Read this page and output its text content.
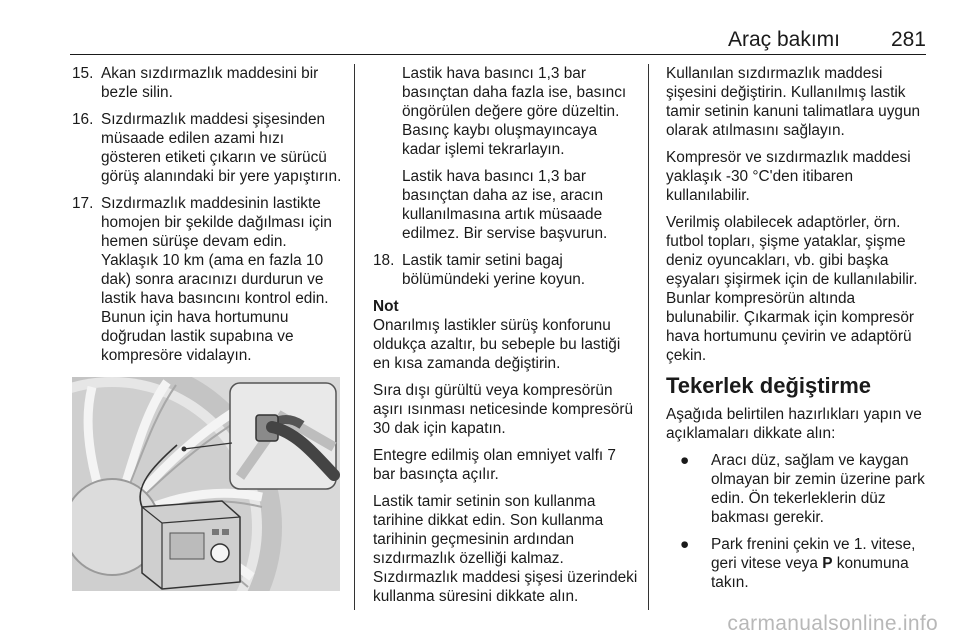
Araç bakımı 281
15. Akan sızdırmazlık maddesini bir bezle silin.
16. Sızdırmazlık maddesi şişesinden müsaade edilen azami hızı gösteren etiketi çıkarın ve sürücü görüş alanındaki bir yere yapıştırın.
17. Sızdırmazlık maddesinin lastikte homojen bir şekilde dağılması için hemen sürüşe devam edin. Yaklaşık 10 km (ama en fazla 10 dak) sonra aracınızı durdurun ve lastik hava basıncını kontrol edin. Bunun için hava hortumunu doğrudan lastik supabına ve kompresöre vidalayın.

Lastik hava basıncı 1,3 bar basınçtan daha fazla ise, basıncı öngörülen değere göre düzeltin. Basınç kaybı oluşmayıncaya kadar işlemi tekrarlayın.

Lastik hava basıncı 1,3 bar basınçtan daha az ise, aracın kullanılmasına artık müsaade edilmez. Bir servise başvurun.

18. Lastik tamir setini bagaj bölümündeki yerine koyun.

Not

Onarılmış lastikler sürüş konforunu oldukça azaltır, bu sebeple bu lastiği en kısa zamanda değiştirin.

Sıra dışı gürültü veya kompresörün aşırı ısınması neticesinde kompresörü 30 dak için kapatın.

Entegre edilmiş olan emniyet valfı 7 bar basınçta açılır.

Lastik tamir setinin son kullanma tarihine dikkat edin. Son kullanma tarihinin geçmesinin ardından sızdırmazlık özelliği kalmaz. Sızdırmazlık maddesi şişesi üzerindeki kullanma süresini dikkate alın.

Kullanılan sızdırmazlık maddesi şişesini değiştirin. Kullanılmış lastik tamir setinin kanuni talimatlara uygun olarak atılmasını sağlayın.

Kompresör ve sızdırmazlık maddesi yaklaşık -30 °C'den itibaren kullanılabilir.

Verilmiş olabilecek adaptörler, örn. futbol topları, şişme yataklar, şişme deniz oyuncakları, vb. gibi başka eşyaları şişirmek için de kullanılabilir. Bunlar kompresörün altında bulunabilir. Çıkarmak için kompresör hava hortumunu çevirin ve adaptörü çekin.

Tekerlek değiştirme

Aşağıda belirtilen hazırlıkları yapın ve açıklamaları dikkate alın:

● Aracı düz, sağlam ve kaygan olmayan bir zemin üzerine park edin. Ön tekerleklerin düz bakması gerekir.
● Park frenini çekin ve 1. vitese, geri vitese veya P konumuna takın.
carmanualsonline.info
